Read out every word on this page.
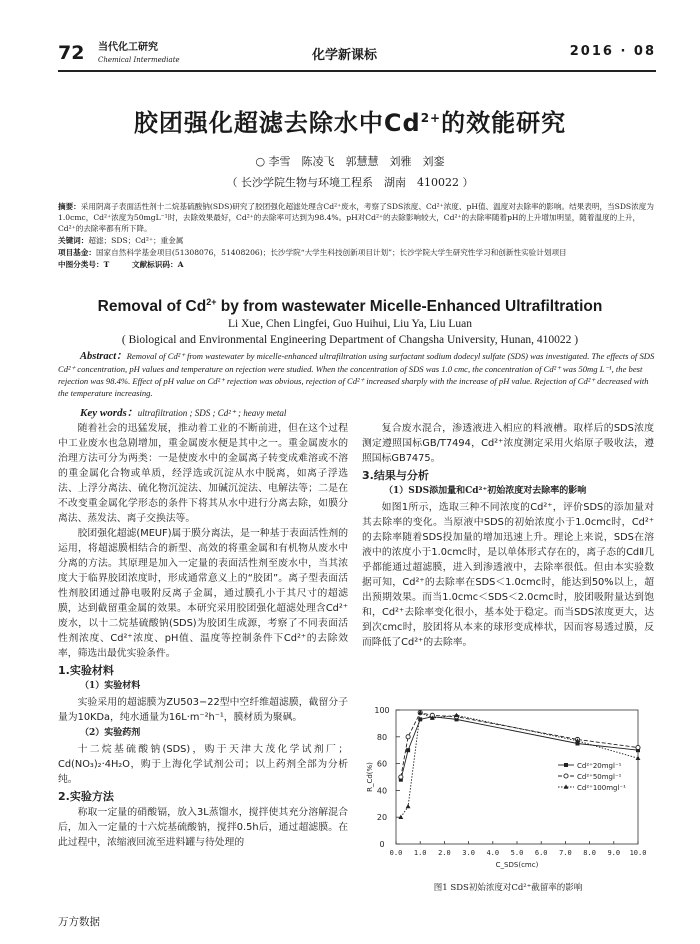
72 当代化工研究
Chemical Intermediate	化学新课标	2016 · 08
胶团强化超滤去除水中$Cd^{2+}$的效能研究
○ 李雪　陈凌飞　郭慧慧　刘雅　刘銮
（ 长沙学院生物与环境工程系　湖南　410022 ）

摘要：采用阴离子表面活性剂十二烷基硫酸钠(SDS)研究了胶团强化超滤处理含Cd²⁺废水，考察了SDS浓度、Cd²⁺浓度、pH值、温度对去除率的影响。结果表明，当SDS浓度为1.0cmc，Cd²⁺浓度为50mgL⁻¹时，去除效果最好，Cd²⁺的去除率可达到为98.4%。pH对Cd²⁺的去除影响较大，Cd²⁺的去除率随着pH的上升增加明显，随着温度的上升，Cd²⁺的去除率都有所下降。

关键词：超滤；SDS；Cd²⁺；重金属

项目基金：国家自然科学基金项目(51308076，51408206)；长沙学院“大学生科技创新项目计划”；长沙学院大学生研究性学习和创新性实验计划项目

中图分类号：T　　　	文献标识码：A

Removal of $Cd^{2+}$ by from wastewater Micelle-Enhanced Ultrafiltration
Li Xue, Chen Lingfei, Guo Huihui, Liu Ya, Liu Luan
( Biological and Environmental Engineering Department of Changsha University, Hunan, 410022 )
Abstract：Removal of Cd²⁺ from wastewater by micelle-enhanced ultrafiltration using surfactant sodium dodecyl sulfate (SDS) was investigated. The effects of SDS Cd²⁺ concentration, pH values and temperature on rejection were studied. When the concentration of SDS was 1.0 cmc, the concentration of Cd²⁺ was 50mg L⁻¹, the best rejection was 98.4%. Effect of pH value on Cd²⁺ rejection was obvious, rejection of Cd²⁺ increased sharply with the increase of pH value. Rejection of Cd²⁺ decreased with the temperature increasing.
Key words：ultrafiltration ; SDS ; Cd²⁺ ; heavy metal

随着社会的迅猛发展，推动着工业的不断前进，但在这个过程中工业废水也急剧增加，重金属废水便是其中之一。重金属废水的治理方法可分为两类：一是使废水中的金属离子转变成难溶或不溶的重金属化合物或单质，经浮选或沉淀从水中脱离，如离子浮选法、上浮分离法、硫化物沉淀法、加碱沉淀法、电解法等；二是在不改变重金属化学形态的条件下将其从水中进行分离去除，如膜分离法、蒸发法、离子交换法等。

胶团强化超滤(MEUF)属于膜分离法，是一种基于表面活性剂的运用，将超滤膜相结合的新型、高效的将重金属和有机物从废水中分离的方法。其原理是加入一定量的表面活性剂至废水中，当其浓度大于临界胶团浓度时，形成通常意义上的“胶团”。离子型表面活性剂胶团通过静电吸附反离子金属，通过膜孔小于其尺寸的超滤膜，达到截留重金属的效果。本研究采用胶团强化超滤处理含Cd²⁺废水，以十二烷基硫酸钠(SDS)为胶团生成源，考察了不同表面活性剂浓度、Cd²⁺浓度、pH值、温度等控制条件下Cd²⁺的去除效率，筛选出最优实验条件。

1.实验材料
（1）实验材料

实验采用的超滤膜为ZU503−22型中空纤维超滤膜，截留分子量为10KDa，纯水通量为16L·m⁻²h⁻¹，膜材质为聚砜。

（2）实验药剂

十二烷基硫酸钠(SDS)，购于天津大茂化学试剂厂；Cd(NO₃)₂·4H₂O，购于上海化学试剂公司；以上药剂全部为分析纯。

2.实验方法

称取一定量的硝酸镉，放入3L蒸馏水，搅拌使其充分溶解混合后，加入一定量的十六烷基硫酸钠，搅拌0.5h后，通过超滤膜。在此过程中，浓缩液回流至进料罐与待处理的

复合废水混合，渗透液进入相应的料液槽。取样后的SDS浓度测定遵照国标GB/T7494，Cd²⁺浓度测定采用火焰原子吸收法，遵照国标GB7475。

3.结果与分析
（1）SDS添加量和Cd²⁺初始浓度对去除率的影响

如图1所示，选取三种不同浓度的Cd²⁺，评价SDS的添加量对其去除率的变化。当原液中SDS的初始浓度小于1.0cmc时，Cd²⁺的去除率随着SDS投加量的增加迅速上升。理论上来说，SDS在溶液中的浓度小于1.0cmc时，是以单体形式存在的，离子态的CdⅡ几乎都能通过超滤膜，进入到渗透液中，去除率很低。但由本实验数据可知，Cd²⁺的去除率在SDS＜1.0cmc时，能达到50%以上，超出预期效果。而当1.0cmc＜SDS＜2.0cmc时，胶团吸附量达到饱和，Cd²⁺去除率变化很小，基本处于稳定。而当SDS浓度更大，达到次cmc时，胶团将从本来的球形变成棒状，因而容易透过膜，反而降低了Cd²⁺的去除率。

0
20
40
60
80
100
0.0 1.0 2.0 3.0 4.0 5.0 6.0 7.0 8.0 9.0 10.0
C_SDS(cmc)
R_Cd(%)	Cd²⁺20mgl⁻¹
Cd²⁺50mgl⁻¹
Cd²⁺100mgl⁻¹
图1 SDS初始浓度对Cd²⁺截留率的影响
万方数据
